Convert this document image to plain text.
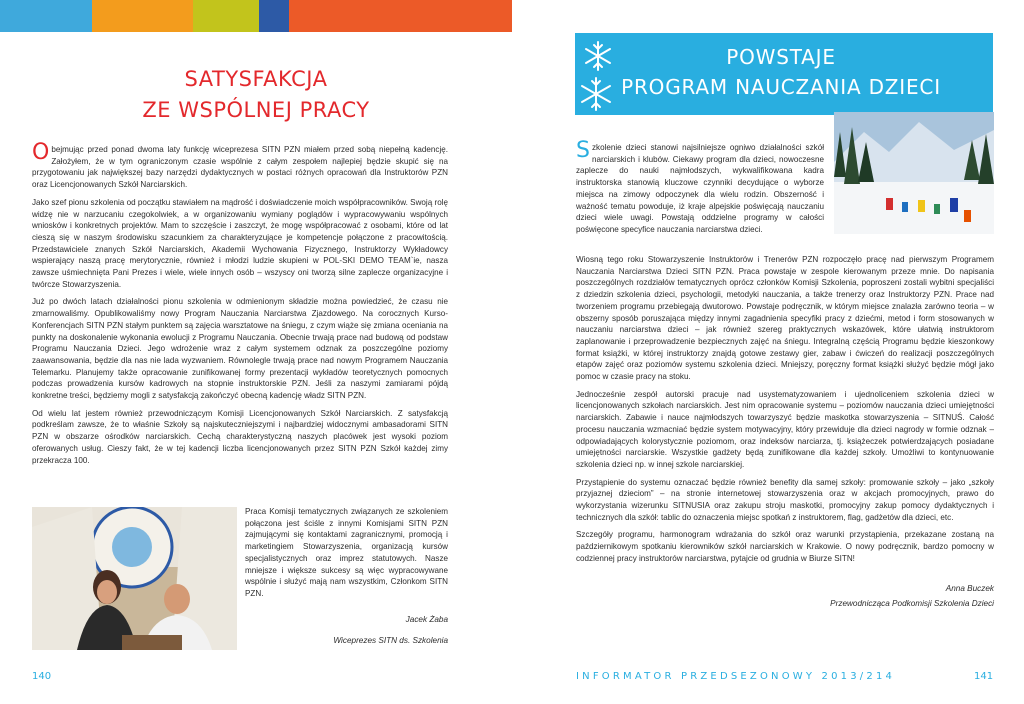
SATYSFAKCJA
ZE WSPÓLNEJ PRACY

Obejmując przed ponad dwoma laty funkcję wiceprezesa SITN PZN miałem przed sobą niepełną kadencję. Założyłem, że w tym ograniczonym czasie wspólnie z całym zespołem najlepiej będzie skupić się na przygotowaniu jak największej bazy narzędzi dydaktycznych w postaci różnych opracowań dla Instruktorów PZN oraz Licencjonowanych Szkół Narciarskich.

Jako szef pionu szkolenia od początku stawiałem na mądrość i doświadczenie moich współpracowników. Swoją rolę widzę nie w narzucaniu czegokolwiek, a w organizowaniu wymiany poglądów i wypracowywaniu wspólnych wniosków i konkretnych projektów. Mam to szczęście i zaszczyt, że mogę współpracować z osobami, które od lat cieszą się w naszym środowisku szacunkiem za charakteryzujące je kompetencje połączone z pracowitością. Przedstawiciele znanych Szkół Narciarskich, Akademii Wychowania Fizycznego, Instruktorzy Wykładowcy wspierający naszą pracę merytorycznie, również i młodzi ludzie skupieni w POL-SKI DEMO TEAM`ie, nasza zawsze uśmiechnięta Pani Prezes i wiele, wiele innych osób – wszyscy oni tworzą silne zaplecze organizacyjne i twórcze Stowarzyszenia.

Już po dwóch latach działalności pionu szkolenia w odmienionym składzie można powiedzieć, że czasu nie zmarnowaliśmy. Opublikowaliśmy nowy Program Nauczania Narciarstwa Zjazdowego. Na corocznych Kurso-Konferencjach SITN PZN stałym punktem są zajęcia warsztatowe na śniegu, z czym wiąże się zmiana oceniania na punkty na doskonalenie wykonania ewolucji z Programu Nauczania. Obecnie trwają prace nad budową od podstaw Programu Nauczania Dzieci. Jego wdrożenie wraz z całym systemem odznak za poszczególne poziomy zaawansowania, będzie dla nas nie lada wyzwaniem. Równolegle trwają prace nad nowym Programem Nauczania Telemarku. Planujemy także opracowanie zunifikowanej formy prezentacji wykładów teoretycznych pomocnych podczas prowadzenia kursów kadrowych na stopnie instruktorskie PZN. Jeśli za naszymi zamiarami pójdą konkretne treści, będziemy mogli z satysfakcją zakończyć obecną kadencję władz SITN PZN.

Od wielu lat jestem również przewodniczącym Komisji Licencjonowanych Szkół Narciarskich. Z satysfakcją podkreślam zawsze, że to właśnie Szkoły są najskuteczniejszymi i najbardziej widocznymi ambasadorami SITN PZN w obszarze ośrodków narciarskich. Cechą charakterystyczną naszych placówek jest wysoki poziom oferowanych usług. Cieszy fakt, że w tej kadencji liczba licencjonowanych przez SITN PZN Szkół każdej zimy przekracza 100.

Praca Komisji tematycznych związanych ze szkoleniem połączona jest ściśle z innymi Komisjami SITN PZN zajmującymi się kontaktami zagranicznymi, promocją i marketingiem Stowarzyszenia, organizacją kursów specjalistycznych oraz imprez statutowych. Nasze mniejsze i większe sukcesy są więc wypracowywane wspólnie i służyć mają nam wszystkim, Członkom SITN PZN.

Jacek Żaba
Wiceprezes SITN ds. Szkolenia
140
POWSTAJE
PROGRAM NAUCZANIA DZIECI

Szkolenie dzieci stanowi najsilniejsze ogniwo działalności szkół narciarskich i klubów. Ciekawy program dla dzieci, nowoczesne zaplecze do nauki najmłodszych, wykwalifikowana kadra instruktorska stanowią kluczowe czynniki decydujące o wyborze miejsca na zimowy odpoczynek dla wielu rodzin. Obszerność i ważność tematu powoduje, iż kraje alpejskie poświęcają nauczaniu dzieci wiele uwagi. Powstają oddzielne programy w całości poświęcone specyfice nauczania narciarstwa dzieci.

Wiosną tego roku Stowarzyszenie Instruktorów i Trenerów PZN rozpoczęło pracę nad pierwszym Programem Nauczania Narciarstwa Dzieci SITN PZN. Praca powstaje w zespole kierowanym przeze mnie. Do napisania poszczególnych rozdziałów tematycznych oprócz członków Komisji Szkolenia, poproszeni zostali wybitni specjaliści z dziedzin szkolenia dzieci, psychologii, metodyki nauczania, a także trenerzy oraz Instruktorzy PZN. Prace nad tworzeniem programu przebiegają dwutorowo. Powstaje podręcznik, w którym miejsce znalazła zarówno teoria – w obszerny sposób poruszająca między innymi zagadnienia specyfiki pracy z dziećmi, metod i form stosowanych w nauczaniu narciarstwa dzieci – jak również szereg praktycznych wskazówek, które ułatwią instruktorom zaplanowanie i przeprowadzenie bezpiecznych zajęć na śniegu. Integralną częścią Programu będzie kieszonkowy format książki, w której instruktorzy znajdą gotowe zestawy gier, zabaw i ćwiczeń do realizacji poszczególnych etapów zajęć oraz poziomów systemu szkolenia dzieci. Mniejszy, poręczny format książki służyć będzie mógł jako pomoc w czasie pracy na stoku.

Jednocześnie zespół autorski pracuje nad usystematyzowaniem i ujednoliceniem szkolenia dzieci w licencjonowanych szkołach narciarskich. Jest nim opracowanie systemu – poziomów nauczania dzieci umiejętności narciarskich. Zabawie i nauce najmłodszych towarzyszyć będzie maskotka stowarzyszenia – SITNUŚ. Całość procesu nauczania wzmacniać będzie system motywacyjny, który przewiduje dla dzieci nagrody w formie odznak – odpowiadających kolorystycznie poziomom, oraz indeksów narciarza, tj. książeczek potwierdzających posiadane umiejętności narciarskie. Wszystkie gadżety będą zunifikowane dla każdej szkoły. Umożliwi to kontynuowanie szkolenia dzieci np. w innej szkole narciarskiej.

Przystąpienie do systemu oznaczać będzie również benefity dla samej szkoły: promowanie szkoły – jako „szkoły przyjaznej dzieciom” – na stronie internetowej stowarzyszenia oraz w akcjach promocyjnych, prawo do wykorzystania wizerunku SITNUSIA oraz zakupu stroju maskotki, promocyjny zakup pomocy dydaktycznych i technicznych dla szkół: tablic do oznaczenia miejsc spotkań z instruktorem, flag, gadżetów dla dzieci, etc.

Szczegóły programu, harmonogram wdrażania do szkół oraz warunki przystąpienia, przekazane zostaną na październikowym spotkaniu kierowników szkół narciarskich w Krakowie. O nowy podręcznik, bardzo pomocny w codziennej pracy instruktorów narciarstwa, pytajcie od grudnia w Biurze SITN!

Anna Buczek
Przewodnicząca Podkomisji Szkolenia Dzieci
INFORMATOR PRZEDSEZONOWY 2013/214	141
